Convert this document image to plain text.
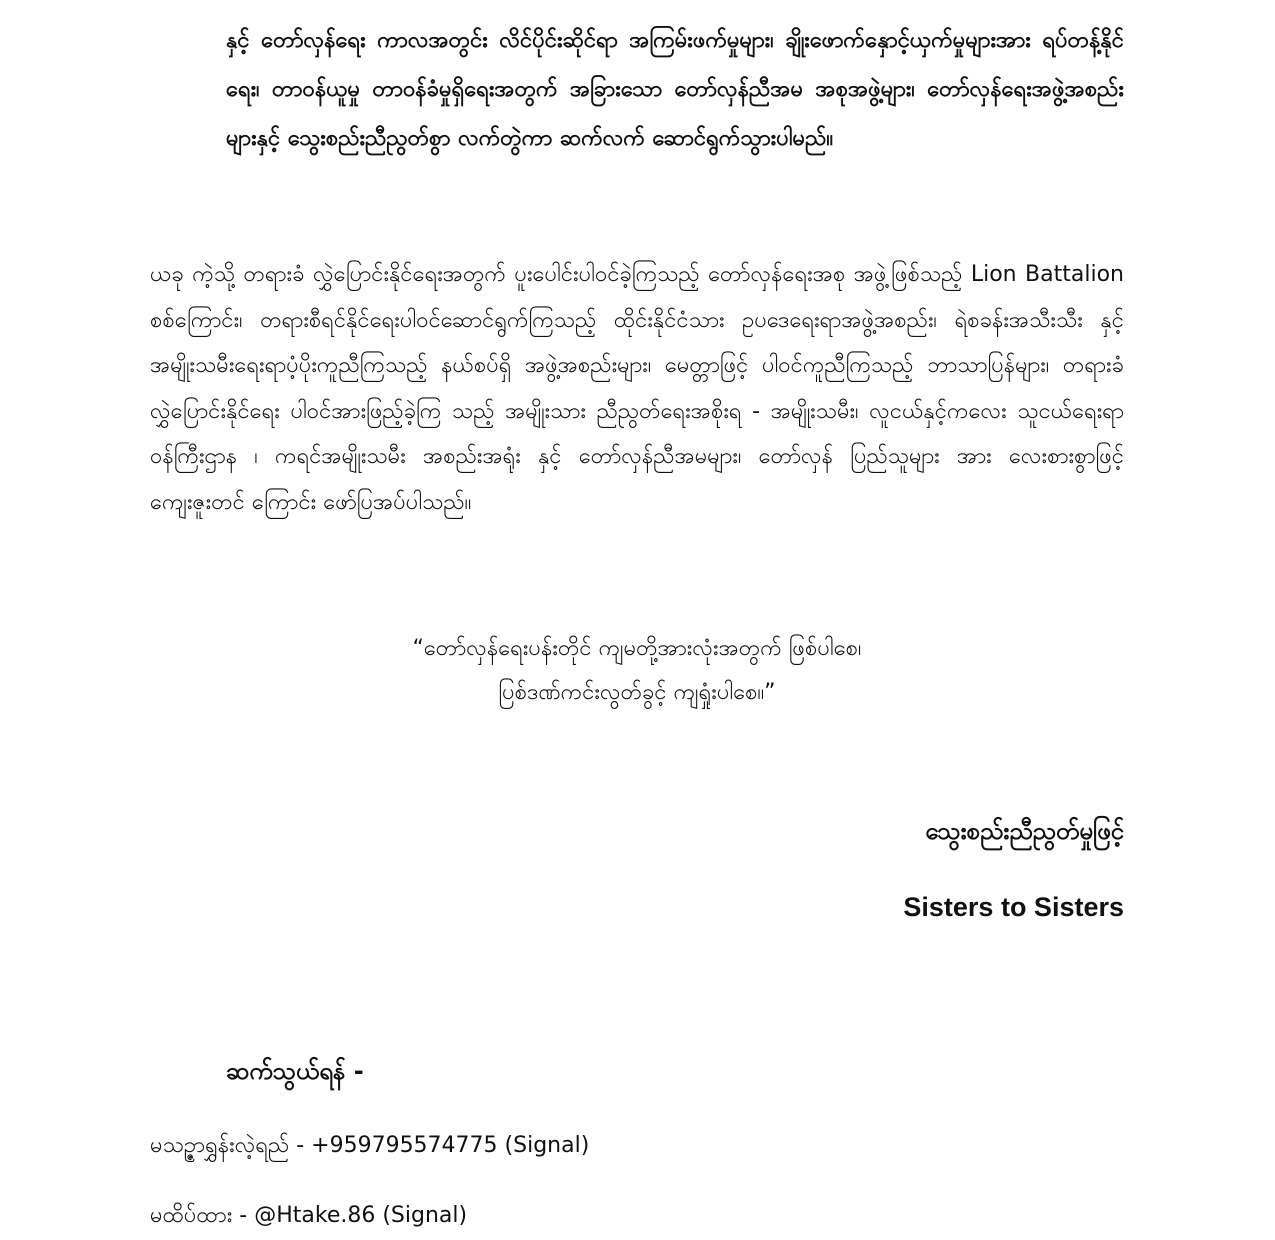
နှင့် တော်လှန်ရေး ကာလအတွင်း လိင်ပိုင်းဆိုင်ရာ အကြမ်းဖက်မှုများ၊ ချိုးဖောက်နှောင့်ယှက်မှုများအား ရပ်တန့်နိုင်ရေး၊ တာဝန်ယူမှု တာဝန်ခံမှုရှိရေးအတွက် အခြားသော တော်လှန်ညီအမ အစုအဖွဲ့များ၊ တော်လှန်ရေးအဖွဲ့အစည်းများနှင့် သွေးစည်းညီညွတ်စွာ လက်တွဲကာ ဆက်လက် ဆောင်ရွက်သွားပါမည်။
ယခု ကဲ့သို့ တရားခံ လွှဲပြောင်းနိုင်ရေးအတွက် ပူးပေါင်းပါဝင်ခဲ့ကြသည့် တော်လှန်ရေးအစု အဖွဲ့ဖြစ်သည့် Lion Battalion စစ်ကြောင်း၊ တရားစီရင်နိုင်ရေးပါဝင်ဆောင်ရွက်ကြသည့် ထိုင်းနိုင်ငံသား ဥပဒေရေးရာအဖွဲ့အစည်း၊ ရဲစခန်းအသီးသီး နှင့် အမျိုးသမီးရေးရာပံ့ပိုးကူညီကြသည့် နယ်စပ်ရှိ အဖွဲ့အစည်းများ၊ မေတ္တာဖြင့် ပါဝင်ကူညီကြသည့် ဘာသာပြန်များ၊ တရားခံ လွှဲပြောင်းနိုင်ရေး ပါဝင်အားဖြည့်ခဲ့ကြ သည့် အမျိုးသား ညီညွတ်ရေးအစိုးရ - အမျိုးသမီး၊ လူငယ်နှင့်ကလေး သူငယ်ရေးရာ ဝန်ကြီးဌာန ၊ ကရင်အမျိုးသမီး အစည်းအရုံး နှင့် တော်လှန်ညီအမများ၊ တော်လှန် ပြည်သူများ အား လေးစားစွာဖြင့် ကျေးဇူးတင် ကြောင်း ဖော်ပြအပ်ပါသည်။
“တော်လှန်ရေးပန်းတိုင် ကျမတို့အားလုံးအတွက် ဖြစ်ပါစေ၊
ပြစ်ဒဏ်ကင်းလွတ်ခွင့် ကျရှုံးပါစေ။”
သွေးစည်းညီညွတ်မှုဖြင့်
Sisters to Sisters
ဆက်သွယ်ရန် -
မသဉ္ဇာရွှန်းလဲ့ရည် - +959795574775 (Signal)
မထိပ်ထား - @Htake.86 (Signal)
